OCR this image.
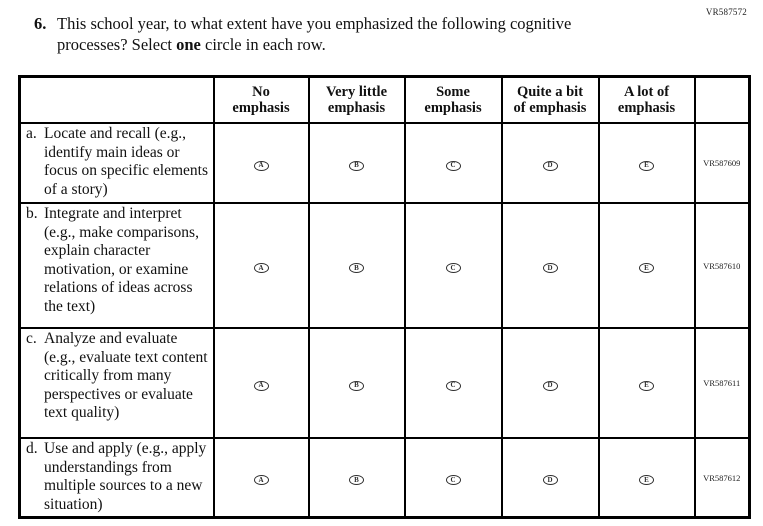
VR587572
6. This school year, to what extent have you emphasized the following cognitive processes? Select one circle in each row.

No
emphasis

Very little
emphasis

Some
emphasis

Quite a bit
of emphasis

A lot of
emphasis

a. Locate and recall (e.g., identify main ideas or focus on specific elements of a story)	A	B	C	D	E	VR587609

b. Integrate and interpret (e.g., make comparisons, explain character motivation, or examine relations of ideas across the text)	A	B	C	D	E	VR587610

c. Analyze and evaluate (e.g., evaluate text content critically from many perspectives or evaluate text quality)	A	B	C	D	E	VR587611

d. Use and apply (e.g., apply understandings from multiple sources to a new situation)	A	B	C	D	E	VR587612
